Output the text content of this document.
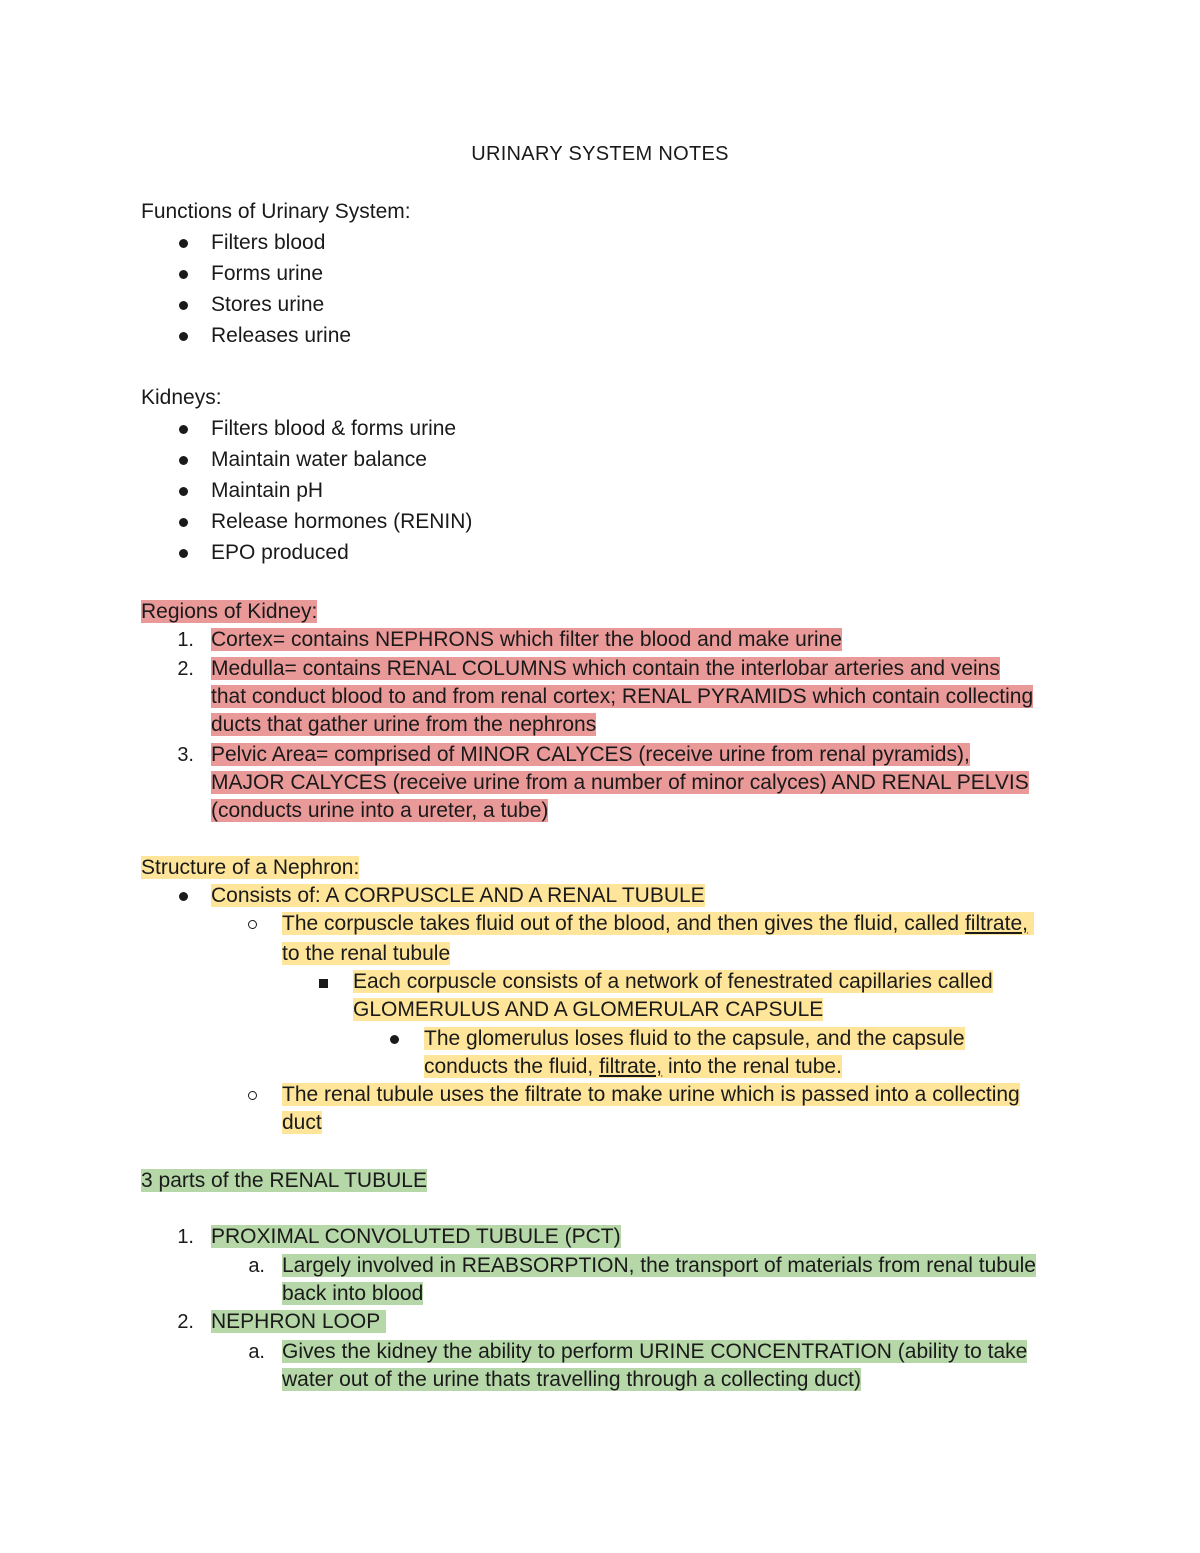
URINARY SYSTEM NOTES
Functions of Urinary System:
Filters blood
Forms urine
Stores urine
Releases urine
Kidneys:
Filters blood & forms urine
Maintain water balance
Maintain pH
Release hormones (RENIN)
EPO produced
Regions of Kidney:
1. Cortex= contains NEPHRONS which filter the blood and make urine
2. Medulla= contains RENAL COLUMNS which contain the interlobar arteries and veins
that conduct blood to and from renal cortex; RENAL PYRAMIDS which contain collecting
ducts that gather urine from the nephrons
3. Pelvic Area= comprised of MINOR CALYCES (receive urine from renal pyramids),
MAJOR CALYCES (receive urine from a number of minor calyces) AND RENAL PELVIS
(conducts urine into a ureter, a tube)
Structure of a Nephron:
Consists of: A CORPUSCLE AND A RENAL TUBULE
The corpuscle takes fluid out of the blood, and then gives the fluid, called filtrate,
to the renal tubule
Each corpuscle consists of a network of fenestrated capillaries called
GLOMERULUS AND A GLOMERULAR CAPSULE
The glomerulus loses fluid to the capsule, and the capsule
conducts the fluid, filtrate, into the renal tube.
The renal tubule uses the filtrate to make urine which is passed into a collecting
duct
3 parts of the RENAL TUBULE
1. PROXIMAL CONVOLUTED TUBULE (PCT)
a. Largely involved in REABSORPTION, the transport of materials from renal tubule
back into blood
2. NEPHRON LOOP
a. Gives the kidney the ability to perform URINE CONCENTRATION (ability to take
water out of the urine thats travelling through a collecting duct)
